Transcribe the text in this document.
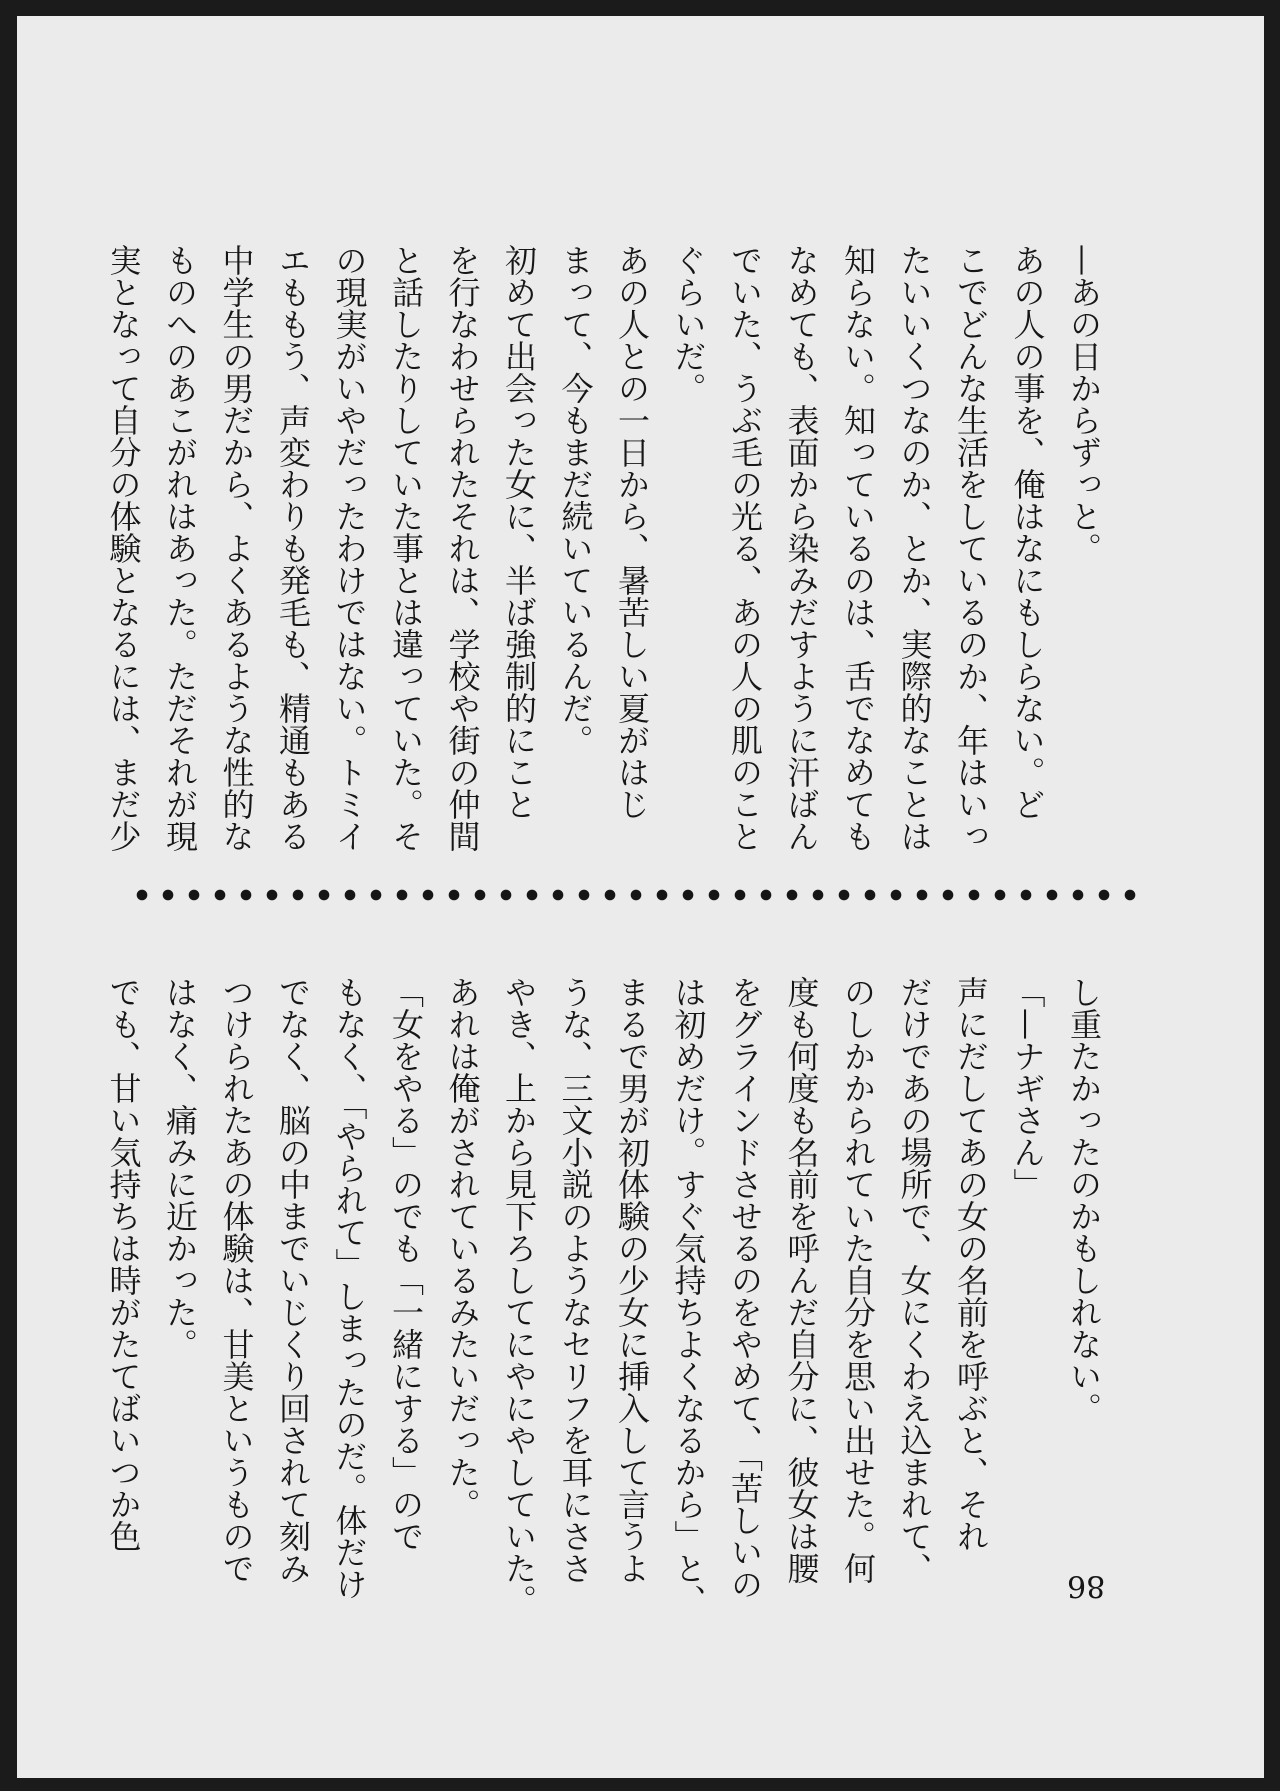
—あの日からずっと。
あの人の事を、俺はなにもしらない。ど
こでどんな生活をしているのか、年はいっ
たいいくつなのか、とか、実際的なことは
知らない。知っているのは、舌でなめても
なめても、表面から染みだすように汗ばん
でいた、うぶ毛の光る、あの人の肌のこと
ぐらいだ。
あの人との一日から、暑苦しい夏がはじ
まって、今もまだ続いているんだ。
初めて出会った女に、半ば強制的にこと
を行なわせられたそれは、学校や街の仲間
と話したりしていた事とは違っていた。そ
の現実がいやだったわけではない。トミイ
エももう、声変わりも発毛も、精通もある
中学生の男だから、よくあるような性的な
ものへのあこがれはあった。ただそれが現
実となって自分の体験となるには、まだ少
し重たかったのかもしれない。
「—ナギさん」
声にだしてあの女の名前を呼ぶと、それ
だけであの場所で、女にくわえ込まれて、
のしかかられていた自分を思い出せた。何
度も何度も名前を呼んだ自分に、彼女は腰
をグラインドさせるのをやめて、「苦しいの
は初めだけ。すぐ気持ちよくなるから」と、
まるで男が初体験の少女に挿入して言うよ
うな、三文小説のようなセリフを耳にささ
やき、上から見下ろしてにやにやしていた。
あれは俺がされているみたいだった。
「女をやる」のでも「一緒にする」ので
もなく、「やられて」しまったのだ。体だけ
でなく、脳の中までいじくり回されて刻み
つけられたあの体験は、甘美というもので
はなく、痛みに近かった。
でも、甘い気持ちは時がたてばいつか色
86
